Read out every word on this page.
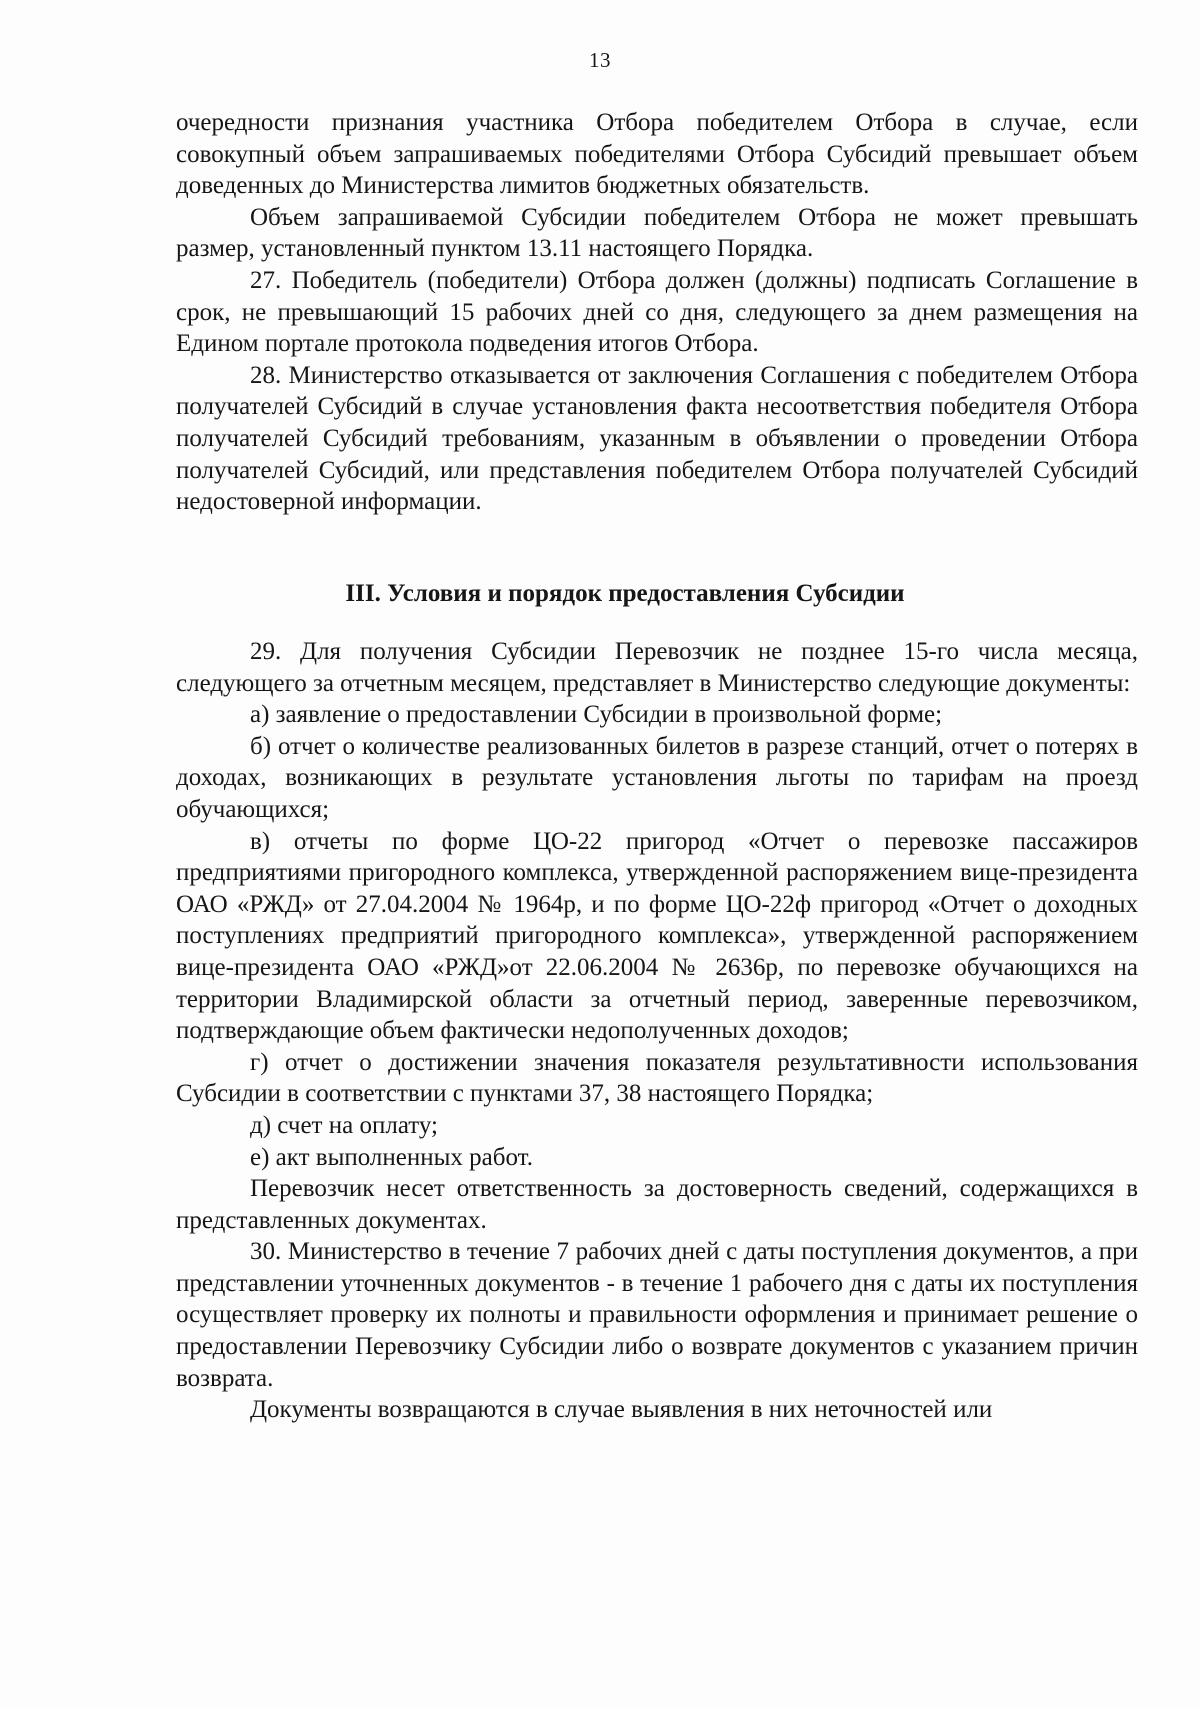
13

очередности признания участника Отбора победителем Отбора в случае, если совокупный объем запрашиваемых победителями Отбора Субсидий превышает объем доведенных до Министерства лимитов бюджетных обязательств.

Объем запрашиваемой Субсидии победителем Отбора не может превышать размер, установленный пунктом 13.11 настоящего Порядка.

27. Победитель (победители) Отбора должен (должны) подписать Соглашение в срок, не превышающий 15 рабочих дней со дня, следующего за днем размещения на Едином портале протокола подведения итогов Отбора.

28. Министерство отказывается от заключения Соглашения с победителем Отбора получателей Субсидий в случае установления факта несоответствия победителя Отбора получателей Субсидий требованиям, указанным в объявлении о проведении Отбора получателей Субсидий, или представления победителем Отбора получателей Субсидий недостоверной информации.

III. Условия и порядок предоставления Субсидии

29. Для получения Субсидии Перевозчик не позднее 15-го числа месяца, следующего за отчетным месяцем, представляет в Министерство следующие документы:

а) заявление о предоставлении Субсидии в произвольной форме;

б) отчет о количестве реализованных билетов в разрезе станций, отчет о потерях в доходах, возникающих в результате установления льготы по тарифам на проезд обучающихся;

в) отчеты по форме ЦО-22 пригород «Отчет о перевозке пассажиров предприятиями пригородного комплекса, утвержденной распоряжением вице-президента ОАО «РЖД» от 27.04.2004 № 1964р, и по форме ЦО-22ф пригород «Отчет о доходных поступлениях предприятий пригородного комплекса», утвержденной распоряжением вице-президента ОАО «РЖД»от 22.06.2004 № 2636р, по перевозке обучающихся на территории Владимирской области за отчетный период, заверенные перевозчиком, подтверждающие объем фактически недополученных доходов;

г) отчет о достижении значения показателя результативности использования Субсидии в соответствии с пунктами 37, 38 настоящего Порядка;

д) счет на оплату;

е) акт выполненных работ.

Перевозчик несет ответственность за достоверность сведений, содержащихся в представленных документах.

30. Министерство в течение 7 рабочих дней с даты поступления документов, а при представлении уточненных документов - в течение 1 рабочего дня с даты их поступления осуществляет проверку их полноты и правильности оформления и принимает решение о предоставлении Перевозчику Субсидии либо о возврате документов с указанием причин возврата.

Документы возвращаются в случае выявления в них неточностей или
